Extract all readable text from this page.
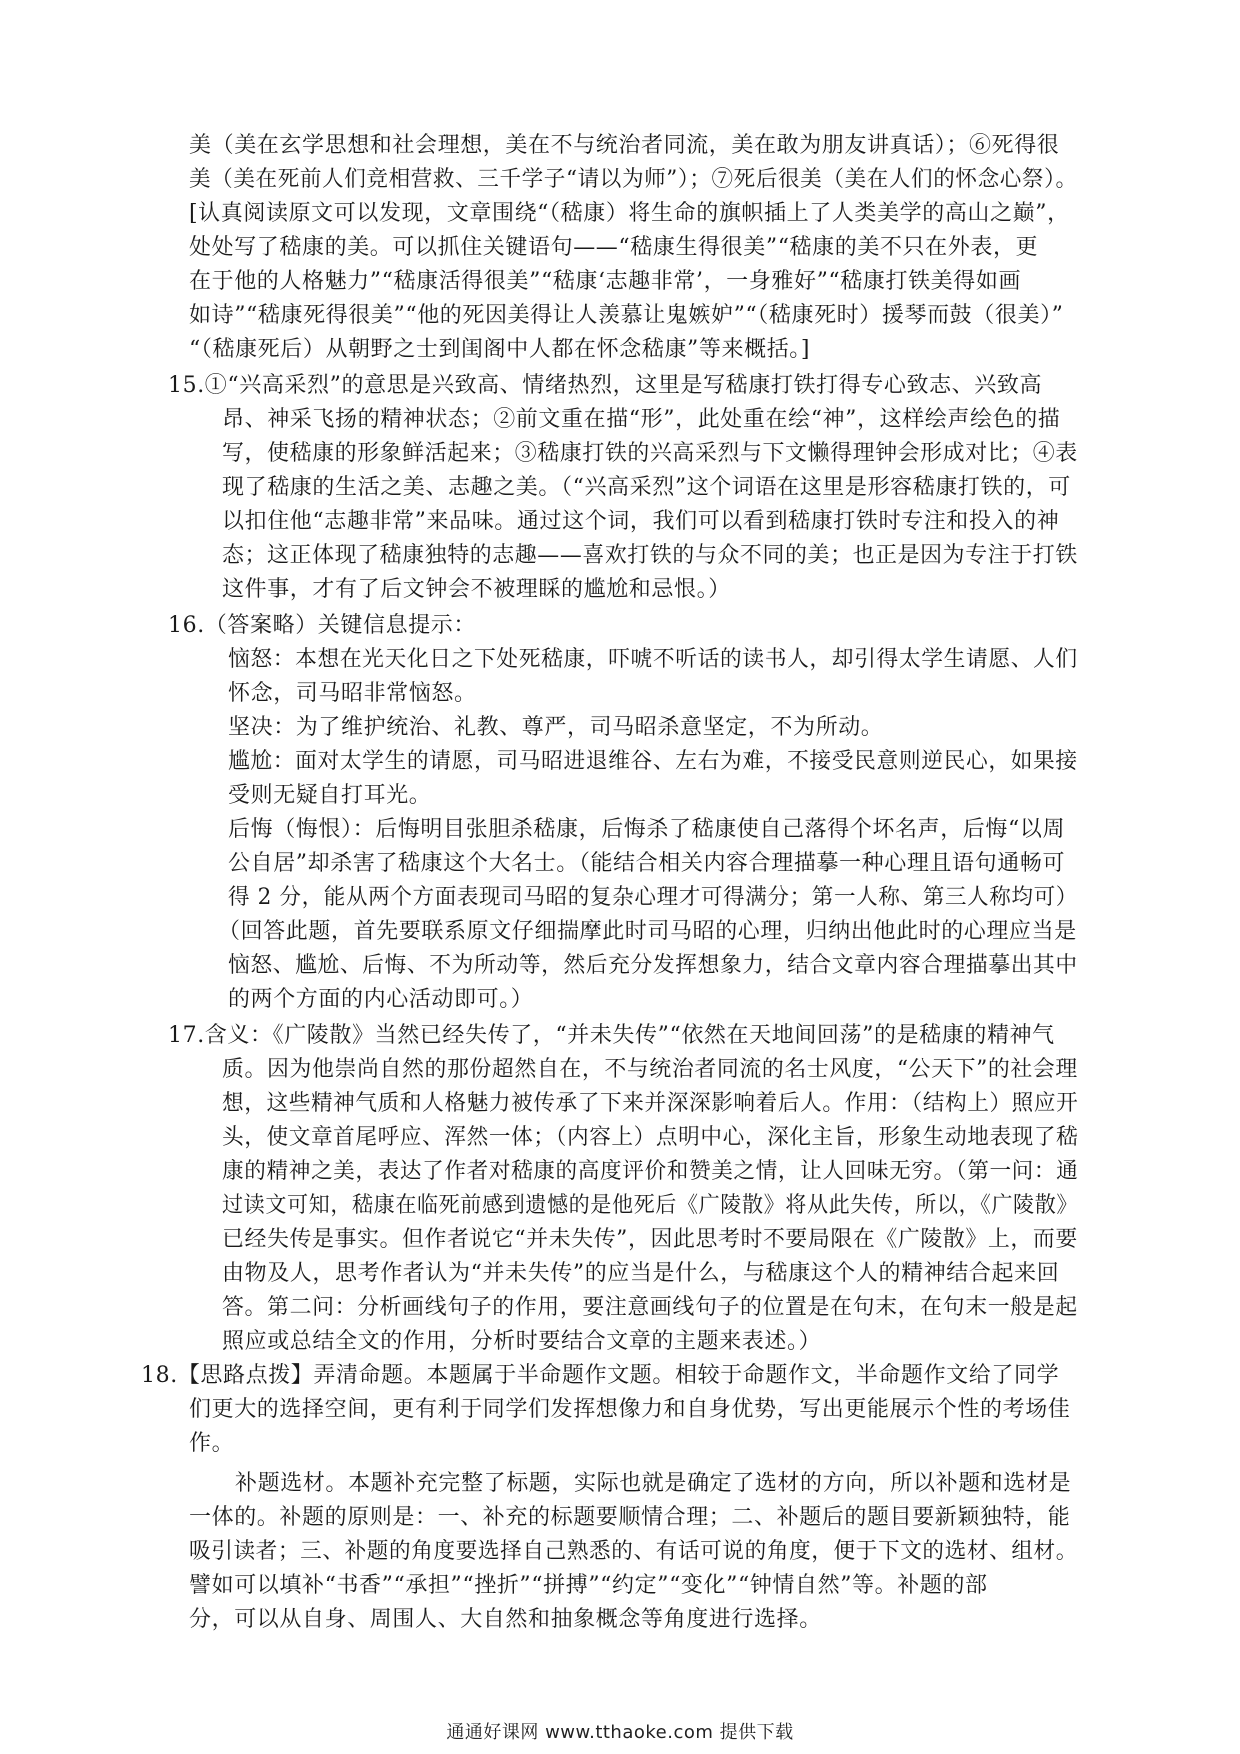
美（美在玄学思想和社会理想，美在不与统治者同流，美在敢为朋友讲真话）；⑥死得很
美（美在死前人们竞相营救、三千学子“请以为师”）；⑦死后很美（美在人们的怀念心祭）。
[认真阅读原文可以发现，文章围绕“（嵇康）将生命的旗帜插上了人类美学的高山之巅”，
处处写了嵇康的美。可以抓住关键语句——“嵇康生得很美”“嵇康的美不只在外表，更
在于他的人格魅力”“嵇康活得很美”“嵇康‘志趣非常’，一身雅好”“嵇康打铁美得如画
如诗”“嵇康死得很美”“他的死因美得让人羡慕让鬼嫉妒”“（嵇康死时）援琴而鼓（很美）”
“（嵇康死后）从朝野之士到闺阁中人都在怀念嵇康”等来概括。]
15.①“兴高采烈”的意思是兴致高、情绪热烈，这里是写嵇康打铁打得专心致志、兴致高
昂、神采飞扬的精神状态；②前文重在描“形”，此处重在绘“神”，这样绘声绘色的描
写，使嵇康的形象鲜活起来；③嵇康打铁的兴高采烈与下文懒得理钟会形成对比；④表
现了嵇康的生活之美、志趣之美。（“兴高采烈”这个词语在这里是形容嵇康打铁的，可
以扣住他“志趣非常”来品味。通过这个词，我们可以看到嵇康打铁时专注和投入的神
态；这正体现了嵇康独特的志趣——喜欢打铁的与众不同的美；也正是因为专注于打铁
这件事，才有了后文钟会不被理睬的尴尬和忌恨。）
16.（答案略）关键信息提示：
恼怒：本想在光天化日之下处死嵇康，吓唬不听话的读书人，却引得太学生请愿、人们
怀念，司马昭非常恼怒。
坚决：为了维护统治、礼教、尊严，司马昭杀意坚定，不为所动。
尴尬：面对太学生的请愿，司马昭进退维谷、左右为难，不接受民意则逆民心，如果接
受则无疑自打耳光。
后悔（悔恨）：后悔明目张胆杀嵇康，后悔杀了嵇康使自己落得个坏名声，后悔“以周
公自居”却杀害了嵇康这个大名士。（能结合相关内容合理描摹一种心理且语句通畅可
得 2 分，能从两个方面表现司马昭的复杂心理才可得满分；第一人称、第三人称均可）
（回答此题，首先要联系原文仔细揣摩此时司马昭的心理，归纳出他此时的心理应当是
恼怒、尴尬、后悔、不为所动等，然后充分发挥想象力，结合文章内容合理描摹出其中
的两个方面的内心活动即可。）
17.含义：《广陵散》当然已经失传了，“并未失传”“依然在天地间回荡”的是嵇康的精神气
质。因为他崇尚自然的那份超然自在，不与统治者同流的名士风度，“公天下”的社会理
想，这些精神气质和人格魅力被传承了下来并深深影响着后人。作用：（结构上）照应开
头，使文章首尾呼应、浑然一体；（内容上）点明中心，深化主旨，形象生动地表现了嵇
康的精神之美，表达了作者对嵇康的高度评价和赞美之情，让人回味无穷。（第一问：通
过读文可知，嵇康在临死前感到遗憾的是他死后《广陵散》将从此失传，所以，《广陵散》
已经失传是事实。但作者说它“并未失传”，因此思考时不要局限在《广陵散》上，而要
由物及人，思考作者认为“并未失传”的应当是什么，与嵇康这个人的精神结合起来回
答。第二问：分析画线句子的作用，要注意画线句子的位置是在句末，在句末一般是起
照应或总结全文的作用，分析时要结合文章的主题来表述。）
18.【思路点拨】弄清命题。本题属于半命题作文题。相较于命题作文，半命题作文给了同学
们更大的选择空间，更有利于同学们发挥想像力和自身优势，写出更能展示个性的考场佳
作。
补题选材。本题补充完整了标题，实际也就是确定了选材的方向，所以补题和选材是
一体的。补题的原则是：一、补充的标题要顺情合理；二、补题后的题目要新颖独特，能
吸引读者；三、补题的角度要选择自己熟悉的、有话可说的角度，便于下文的选材、组材。
譬如可以填补“书香”“承担”“挫折”“拼搏”“约定”“变化”“钟情自然”等。补题的部
分，可以从自身、周围人、大自然和抽象概念等角度进行选择。
通通好课网 www.tthaoke.com 提供下载
